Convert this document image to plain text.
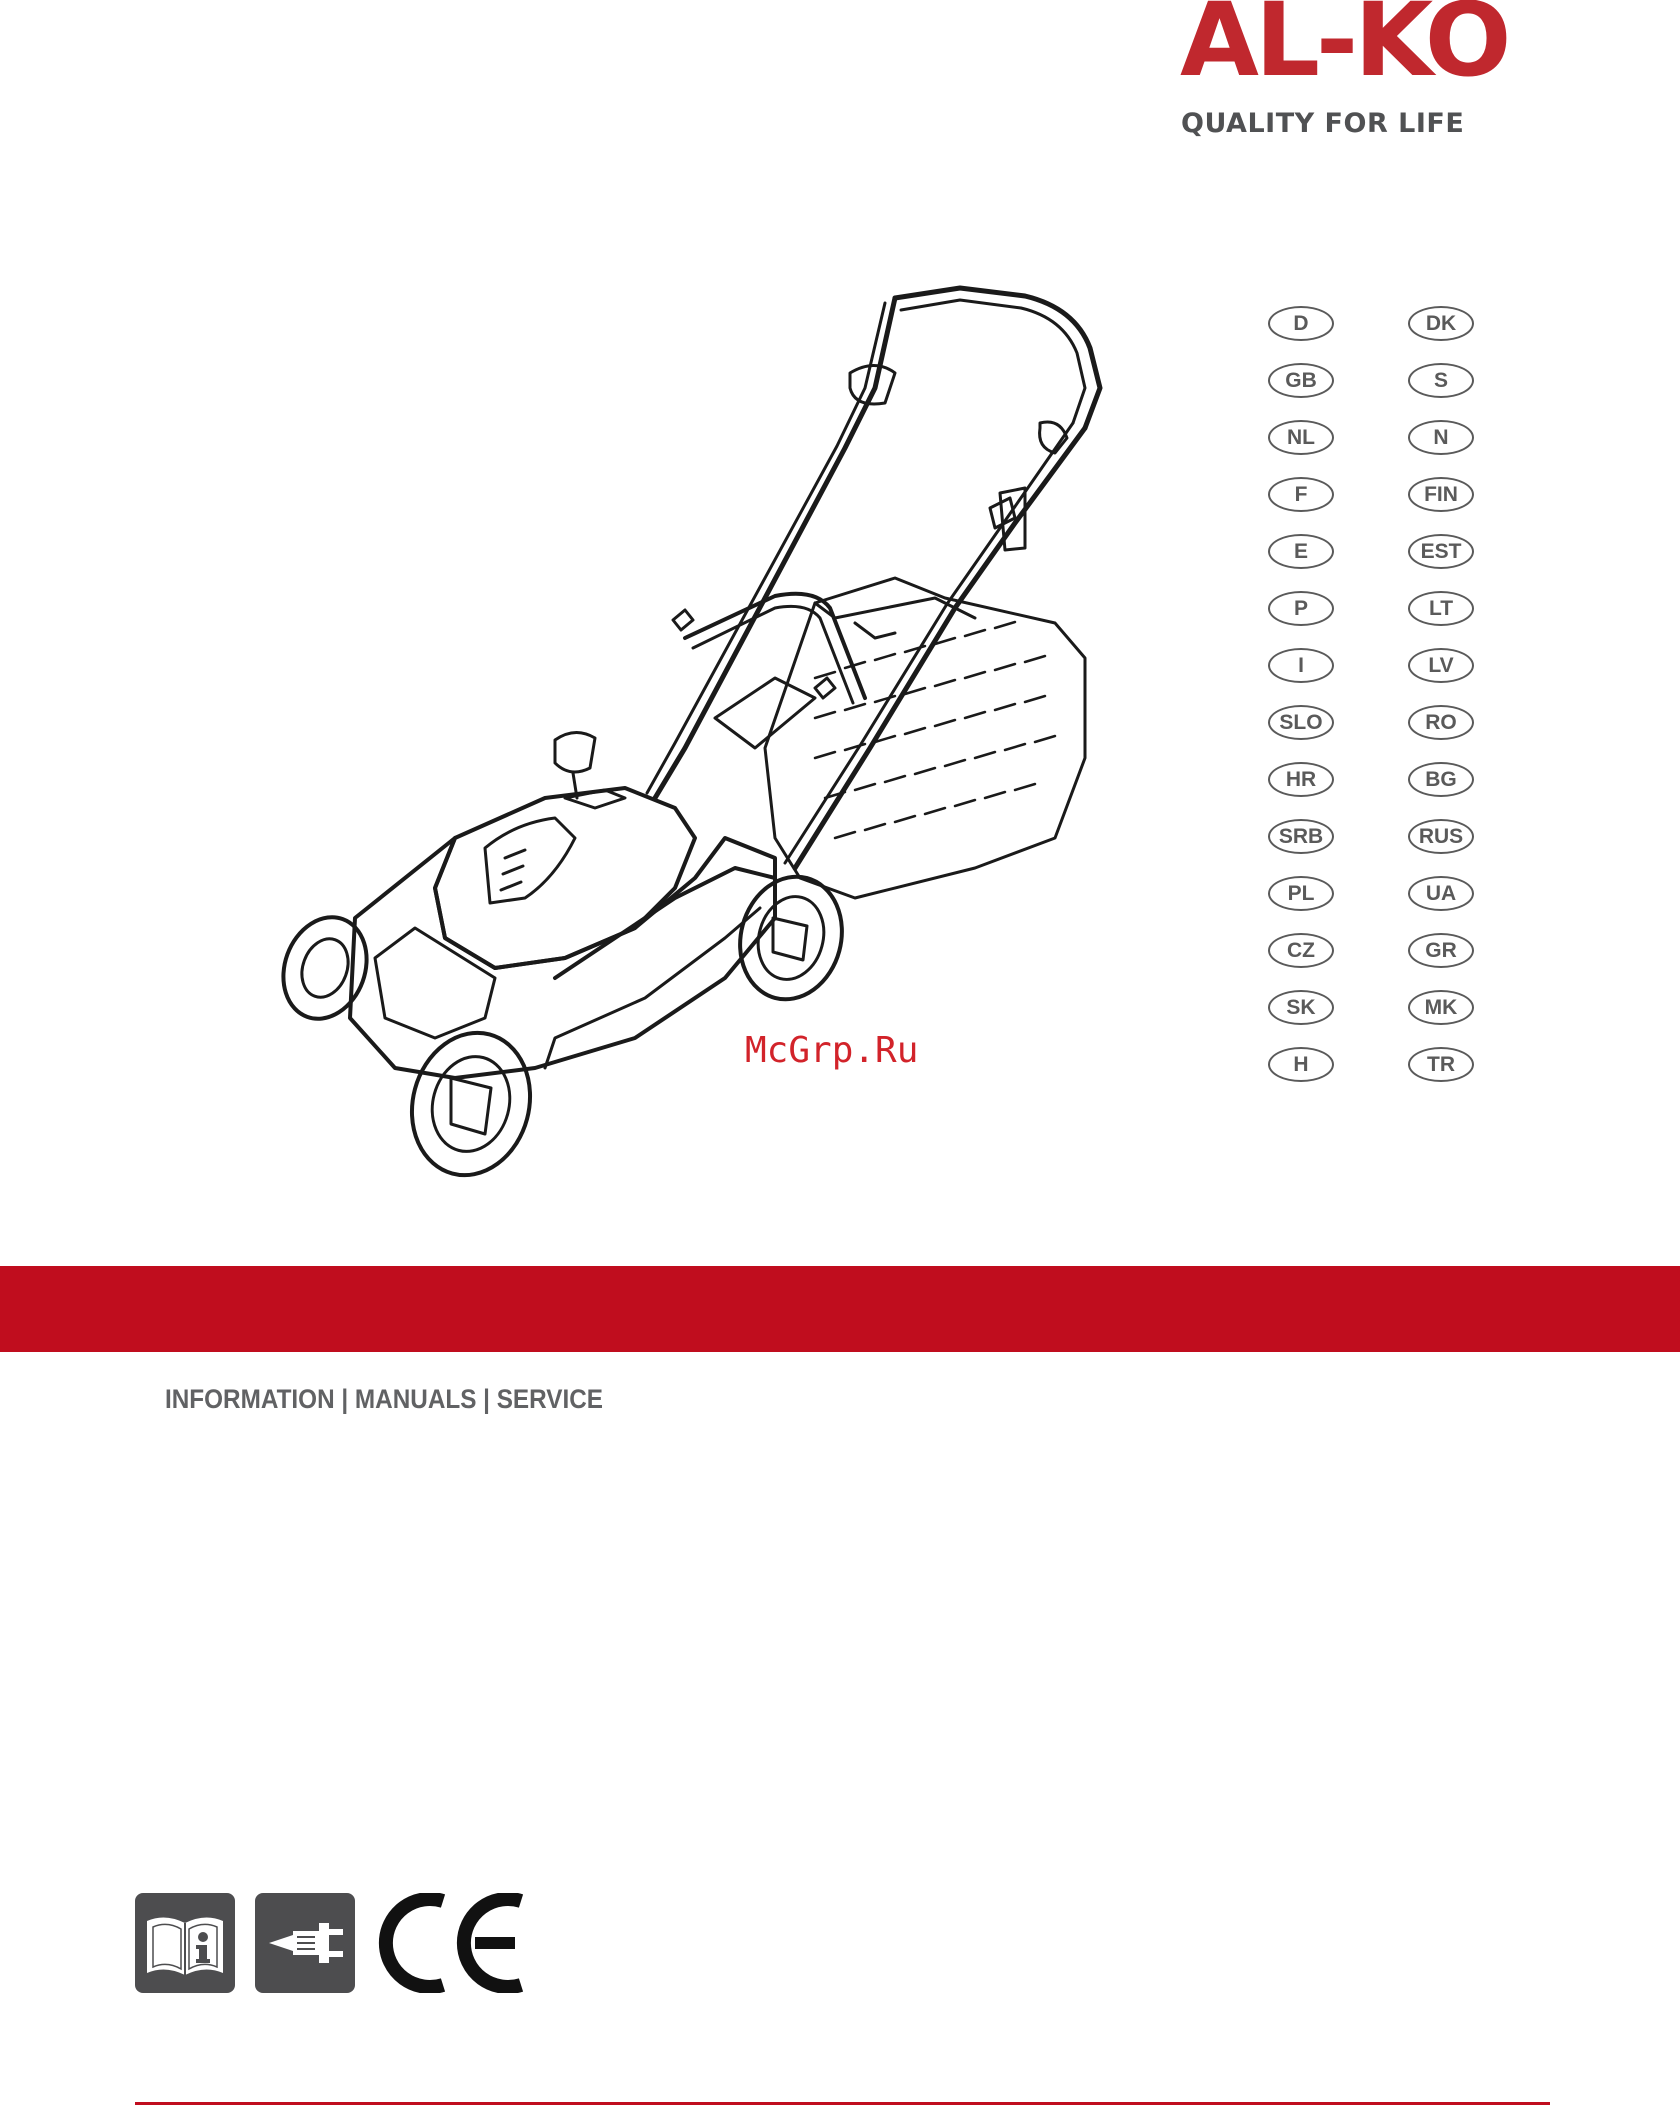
AL-KO
QUALITY FOR LIFE
McGrp.Ru
D
GB
NL
F
E
P
I
SLO
HR
SRB
PL
CZ
SK
H
DK
S
N
FIN
EST
LT
LV
RO
BG
RUS
UA
GR
MK
TR
INFORMATION | MANUALS | SERVICE
